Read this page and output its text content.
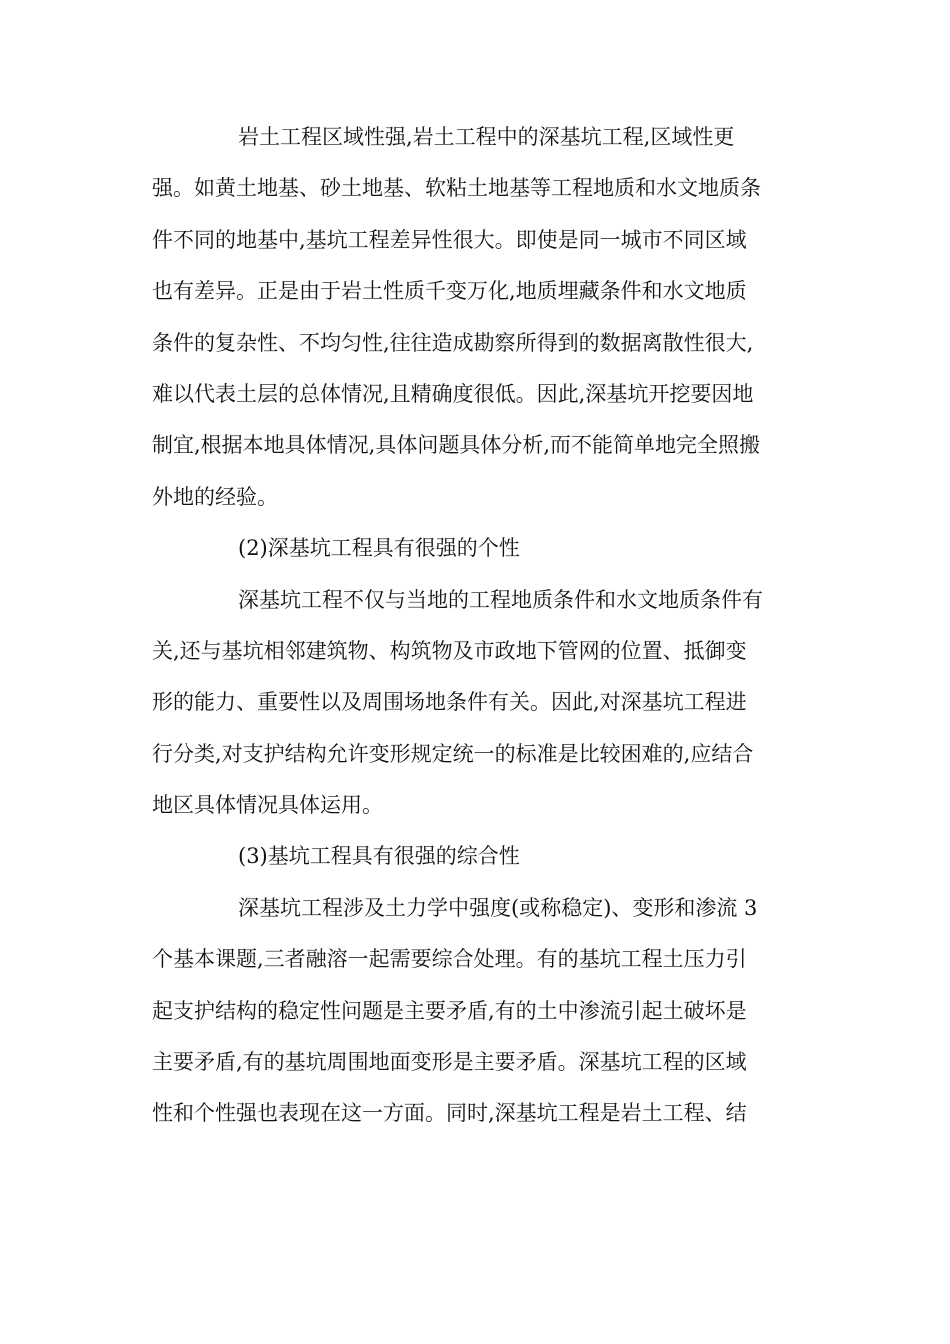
岩土工程区域性强,岩土工程中的深基坑工程,区域性更
强。如黄土地基、砂土地基、软粘土地基等工程地质和水文地质条
件不同的地基中,基坑工程差异性很大。即使是同一城市不同区域
也有差异。正是由于岩土性质千变万化,地质埋藏条件和水文地质
条件的复杂性、不均匀性,往往造成勘察所得到的数据离散性很大,
难以代表土层的总体情况,且精确度很低。因此,深基坑开挖要因地
制宜,根据本地具体情况,具体问题具体分析,而不能简单地完全照搬
外地的经验。
(2)深基坑工程具有很强的个性
深基坑工程不仅与当地的工程地质条件和水文地质条件有
关,还与基坑相邻建筑物、构筑物及市政地下管网的位置、抵御变
形的能力、重要性以及周围场地条件有关。因此,对深基坑工程进
行分类,对支护结构允许变形规定统一的标准是比较困难的,应结合
地区具体情况具体运用。
(3)基坑工程具有很强的综合性
深基坑工程涉及土力学中强度(或称稳定)、变形和渗流 3
个基本课题,三者融溶一起需要综合处理。有的基坑工程土压力引
起支护结构的稳定性问题是主要矛盾,有的土中渗流引起土破坏是
主要矛盾,有的基坑周围地面变形是主要矛盾。深基坑工程的区域
性和个性强也表现在这一方面。同时,深基坑工程是岩土工程、结
